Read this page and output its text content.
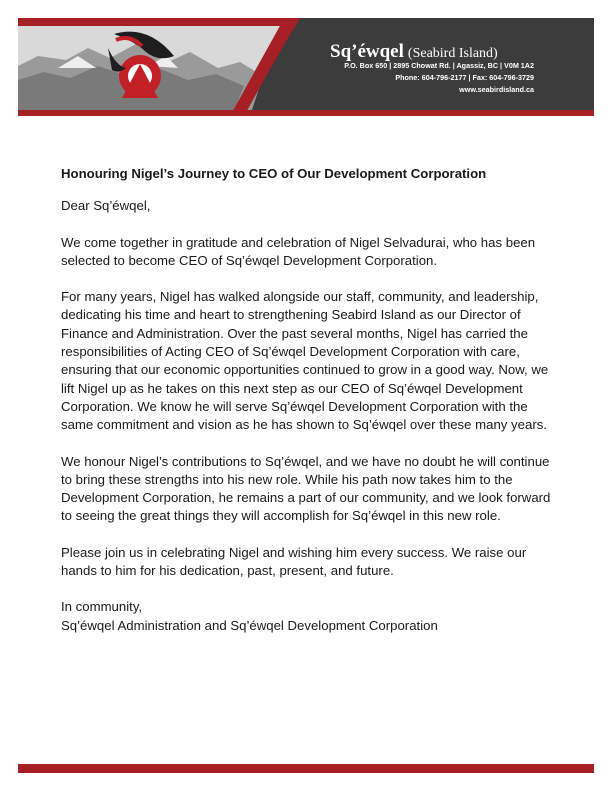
Sq’éwqel (Seabird Island)
P.O. Box 650 | 2895 Chowat Rd. | Agassiz, BC | V0M 1A2
Phone: 604-796-2177 | Fax: 604-796-3729
www.seabirdisland.ca

Honouring Nigel’s Journey to CEO of Our Development Corporation

Dear Sq’éwqel,

We come together in gratitude and celebration of Nigel Selvadurai, who has been selected to become CEO of Sq’éwqel Development Corporation.

For many years, Nigel has walked alongside our staff, community, and leadership, dedicating his time and heart to strengthening Seabird Island as our Director of Finance and Administration. Over the past several months, Nigel has carried the responsibilities of Acting CEO of Sq’éwqel Development Corporation with care, ensuring that our economic opportunities continued to grow in a good way. Now, we lift Nigel up as he takes on this next step as our CEO of Sq’éwqel Development Corporation. We know he will serve Sq’éwqel Development Corporation with the same commitment and vision as he has shown to Sq’éwqel over these many years.

We honour Nigel’s contributions to Sq’éwqel, and we have no doubt he will continue to bring these strengths into his new role. While his path now takes him to the Development Corporation, he remains a part of our community, and we look forward to seeing the great things they will accomplish for Sq’éwqel in this new role.

Please join us in celebrating Nigel and wishing him every success. We raise our hands to him for his dedication, past, present, and future.

In community,

Sq’éwqel Administration and Sq’éwqel Development Corporation
